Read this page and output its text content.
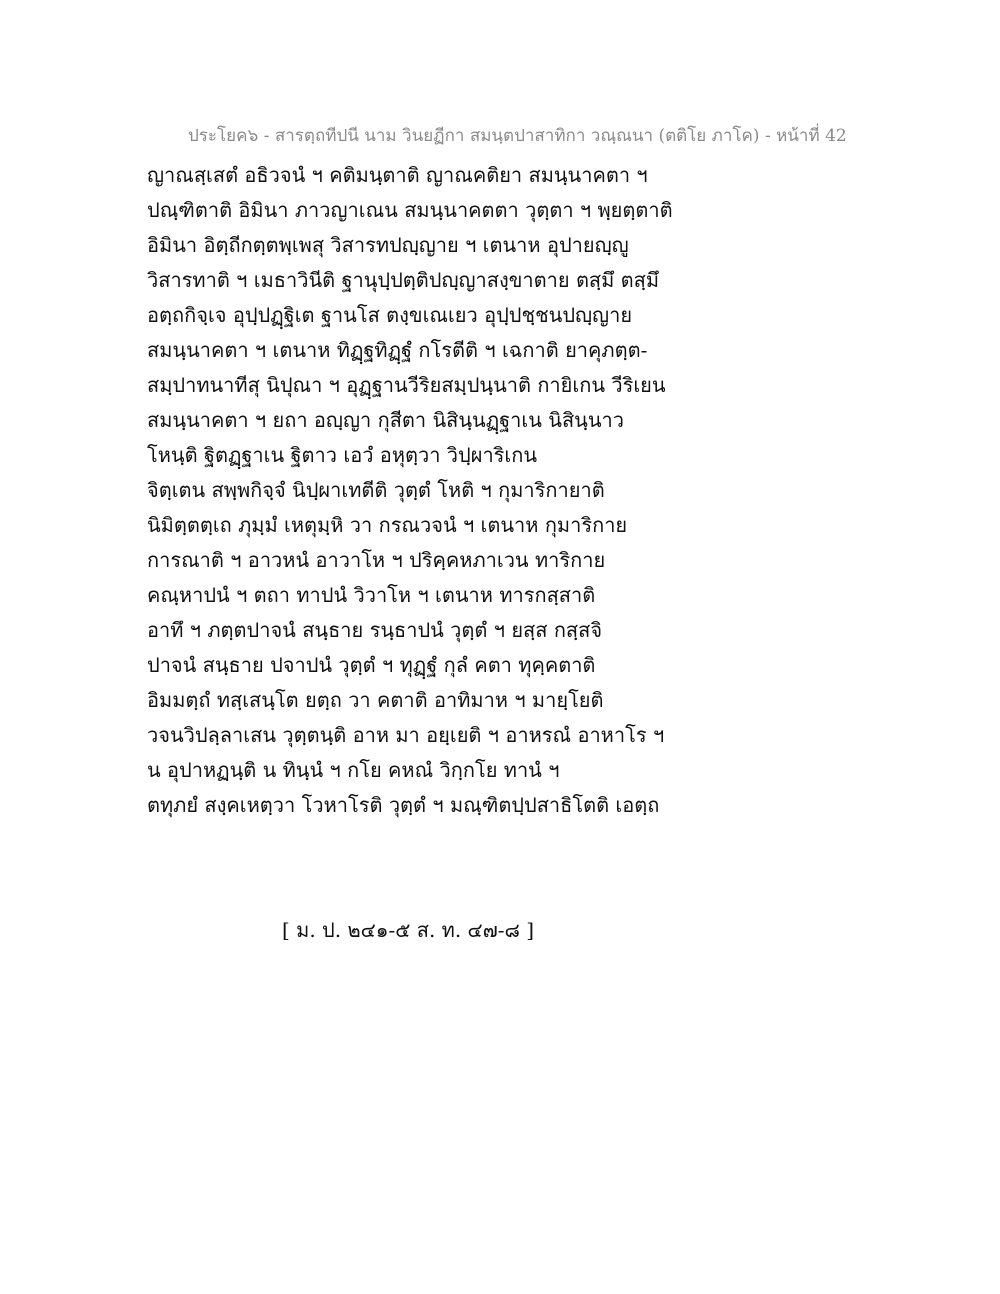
ประโยค๖ - สารตฺถทีปนี นาม วินยฏีกา สมนฺตปาสาทิกา วณฺณนา (ตติโย ภาโค) - หน้าที่ 42
ญาณสฺเสตํ อธิวจนํ ฯ คติมนฺตาติ ญาณคติยา สมนฺนาคตา ฯ
ปณฺฑิตาติ อิมินา ภาวญาเณน สมนฺนาคตตา วุตฺตา ฯ พฺยตฺตาติ
อิมินา อิตฺถีกตฺตพฺเพสุ วิสารทปญฺญาย ฯ เตนาห อุปายญฺญู
วิสารทาติ ฯ เมธาวินีติ ฐานุปฺปตฺติปญฺญาสงฺขาตาย ตสฺมึ ตสฺมึ
อตฺถกิจฺเจ อุปฺปฏฺฐิเต ฐานโส ตงฺขเณเยว อุปฺปชฺชนปญฺญาย
สมนฺนาคตา ฯ เตนาห ทิฏฺฐทิฏฺฐํ กโรตีติ ฯ เฉกาติ ยาคุภตฺต-
สมฺปาทนาทีสุ นิปุณา ฯ อุฏฺฐานวีริยสมฺปนฺนาติ กายิเกน วีริเยน
สมนฺนาคตา ฯ ยถา อญฺญา กุสีตา นิสินฺนฏฺฐาเน นิสินฺนาว
โหนฺติ ฐิตฏฺฐาเน ฐิตาว เอวํ อหุตฺวา วิปฺผาริเกน
จิตฺเตน สพฺพกิจฺจํ นิปฺผาเทตีติ วุตฺตํ โหติ ฯ กุมาริกายาติ
นิมิตฺตตฺเถ ภุมฺมํ เหตุมฺหิ วา กรณวจนํ ฯ เตนาห กุมาริกาย
การณาติ ฯ อาวหนํ อาวาโห ฯ ปริคฺคหภาเวน ทาริกาย
คณฺหาปนํ ฯ ตถา ทาปนํ วิวาโห ฯ เตนาห ทารกสฺสาติ
อาทึ ฯ ภตฺตปาจนํ สนฺธาย รนฺธาปนํ วุตฺตํ ฯ ยสฺส กสฺสจิ
ปาจนํ สนฺธาย ปจาปนํ วุตฺตํ ฯ ทุฏฺฐํ กุลํ คตา ทุคฺคตาติ
อิมมตฺถํ ทสฺเสนฺโต ยตฺถ วา คตาติ อาทิมาห ฯ มายฺโยติ
วจนวิปลฺลาเสน วุตฺตนฺติ อาห มา อยฺเยติ ฯ อาหรณํ อาหาโร ฯ
น อุปาหฏนฺติ น ทินฺนํ ฯ กโย คหณํ วิกฺกโย ทานํ ฯ
ตทุภยํ สงฺคเหตฺวา โวหาโรติ วุตฺตํ ฯ มณฺฑิตปฺปสาธิโตติ เอตฺถ
[ ม. ป. ๒๔๑-๕ ส. ท. ๔๗-๘ ]
